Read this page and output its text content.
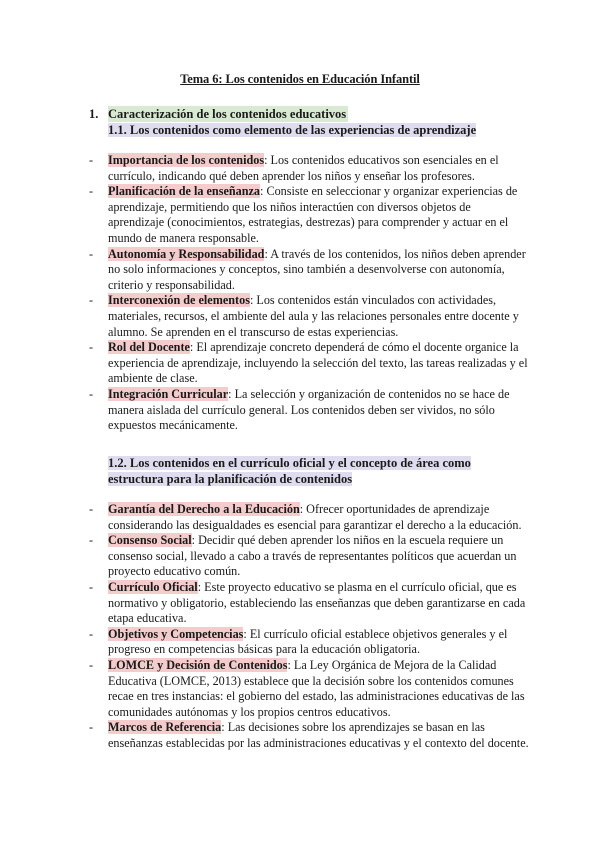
Tema 6: Los contenidos en Educación Infantil
1. Caracterización de los contenidos educativos
1.1. Los contenidos como elemento de las experiencias de aprendizaje
- Importancia de los contenidos: Los contenidos educativos son esenciales en el currículo, indicando qué deben aprender los niños y enseñar los profesores.
- Planificación de la enseñanza: Consiste en seleccionar y organizar experiencias de aprendizaje, permitiendo que los niños interactúen con diversos objetos de aprendizaje (conocimientos, estrategias, destrezas) para comprender y actuar en el mundo de manera responsable.
- Autonomía y Responsabilidad: A través de los contenidos, los niños deben aprender no solo informaciones y conceptos, sino también a desenvolverse con autonomía, criterio y responsabilidad.
- Interconexión de elementos: Los contenidos están vinculados con actividades, materiales, recursos, el ambiente del aula y las relaciones personales entre docente y alumno. Se aprenden en el transcurso de estas experiencias.
- Rol del Docente: El aprendizaje concreto dependerá de cómo el docente organice la experiencia de aprendizaje, incluyendo la selección del texto, las tareas realizadas y el ambiente de clase.
- Integración Curricular: La selección y organización de contenidos no se hace de manera aislada del currículo general. Los contenidos deben ser vividos, no sólo expuestos mecánicamente.
1.2. Los contenidos en el currículo oficial y el concepto de área como estructura para la planificación de contenidos
- Garantía del Derecho a la Educación: Ofrecer oportunidades de aprendizaje considerando las desigualdades es esencial para garantizar el derecho a la educación.
- Consenso Social: Decidir qué deben aprender los niños en la escuela requiere un consenso social, llevado a cabo a través de representantes políticos que acuerdan un proyecto educativo común.
- Currículo Oficial: Este proyecto educativo se plasma en el currículo oficial, que es normativo y obligatorio, estableciendo las enseñanzas que deben garantizarse en cada etapa educativa.
- Objetivos y Competencias: El currículo oficial establece objetivos generales y el progreso en competencias básicas para la educación obligatoria.
- LOMCE y Decisión de Contenidos: La Ley Orgánica de Mejora de la Calidad Educativa (LOMCE, 2013) establece que la decisión sobre los contenidos comunes recae en tres instancias: el gobierno del estado, las administraciones educativas de las comunidades autónomas y los propios centros educativos.
- Marcos de Referencia: Las decisiones sobre los aprendizajes se basan en las enseñanzas establecidas por las administraciones educativas y el contexto del docente.
